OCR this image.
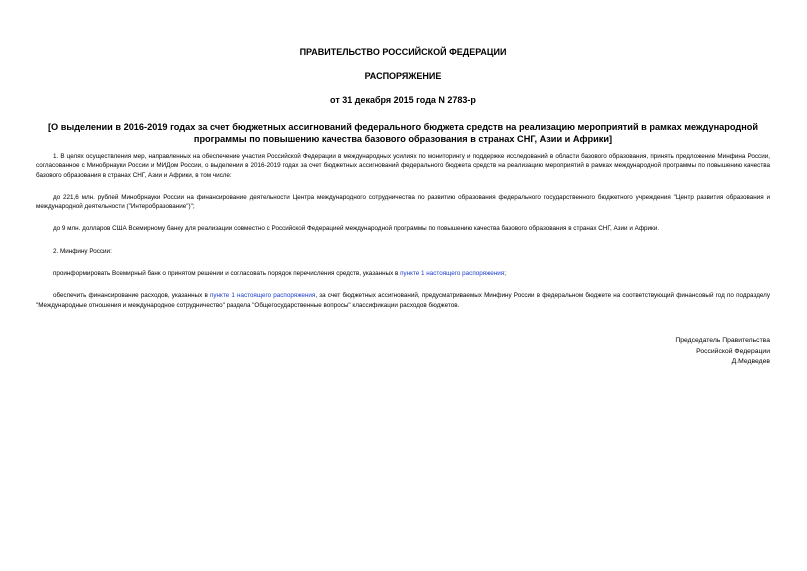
ПРАВИТЕЛЬСТВО РОССИЙСКОЙ ФЕДЕРАЦИИ
РАСПОРЯЖЕНИЕ
от 31 декабря 2015 года N 2783-р
[О выделении в 2016-2019 годах за счет бюджетных ассигнований федерального бюджета средств на реализацию мероприятий в рамках международной программы по повышению качества базового образования в странах СНГ, Азии и Африки]

1. В целях осуществления мер, направленных на обеспечение участия Российской Федерации в международных усилиях по мониторингу и поддержке исследований в области базового образования, принять предложение Минфина России, согласованное с Минобрнауки России и МИДом России, о выделении в 2016-2019 годах за счет бюджетных ассигнований федерального бюджета средств на реализацию мероприятий в рамках международной программы по повышению качества базового образования в странах СНГ, Азии и Африки, в том числе:

до 221,6 млн. рублей Минобрнауки России на финансирование деятельности Центра международного сотрудничества по развитию образования федерального государственного бюджетного учреждения "Центр развития образования и международной деятельности ("Интеробразование")";

до 9 млн. долларов США Всемирному банку для реализации совместно с Российской Федерацией международной программы по повышению качества базового образования в странах СНГ, Азии и Африки.

2. Минфину России:

проинформировать Всемирный банк о принятом решении и согласовать порядок перечисления средств, указанных в пункте 1 настоящего распоряжения;

обеспечить финансирование расходов, указанных в пункте 1 настоящего распоряжения, за счет бюджетных ассигнований, предусматриваемых Минфину России в федеральном бюджете на соответствующий финансовый год по подразделу "Международные отношения и международное сотрудничество" раздела "Общегосударственные вопросы" классификации расходов бюджетов.

Председатель Правительства
Российской Федерации
Д.Медведев
